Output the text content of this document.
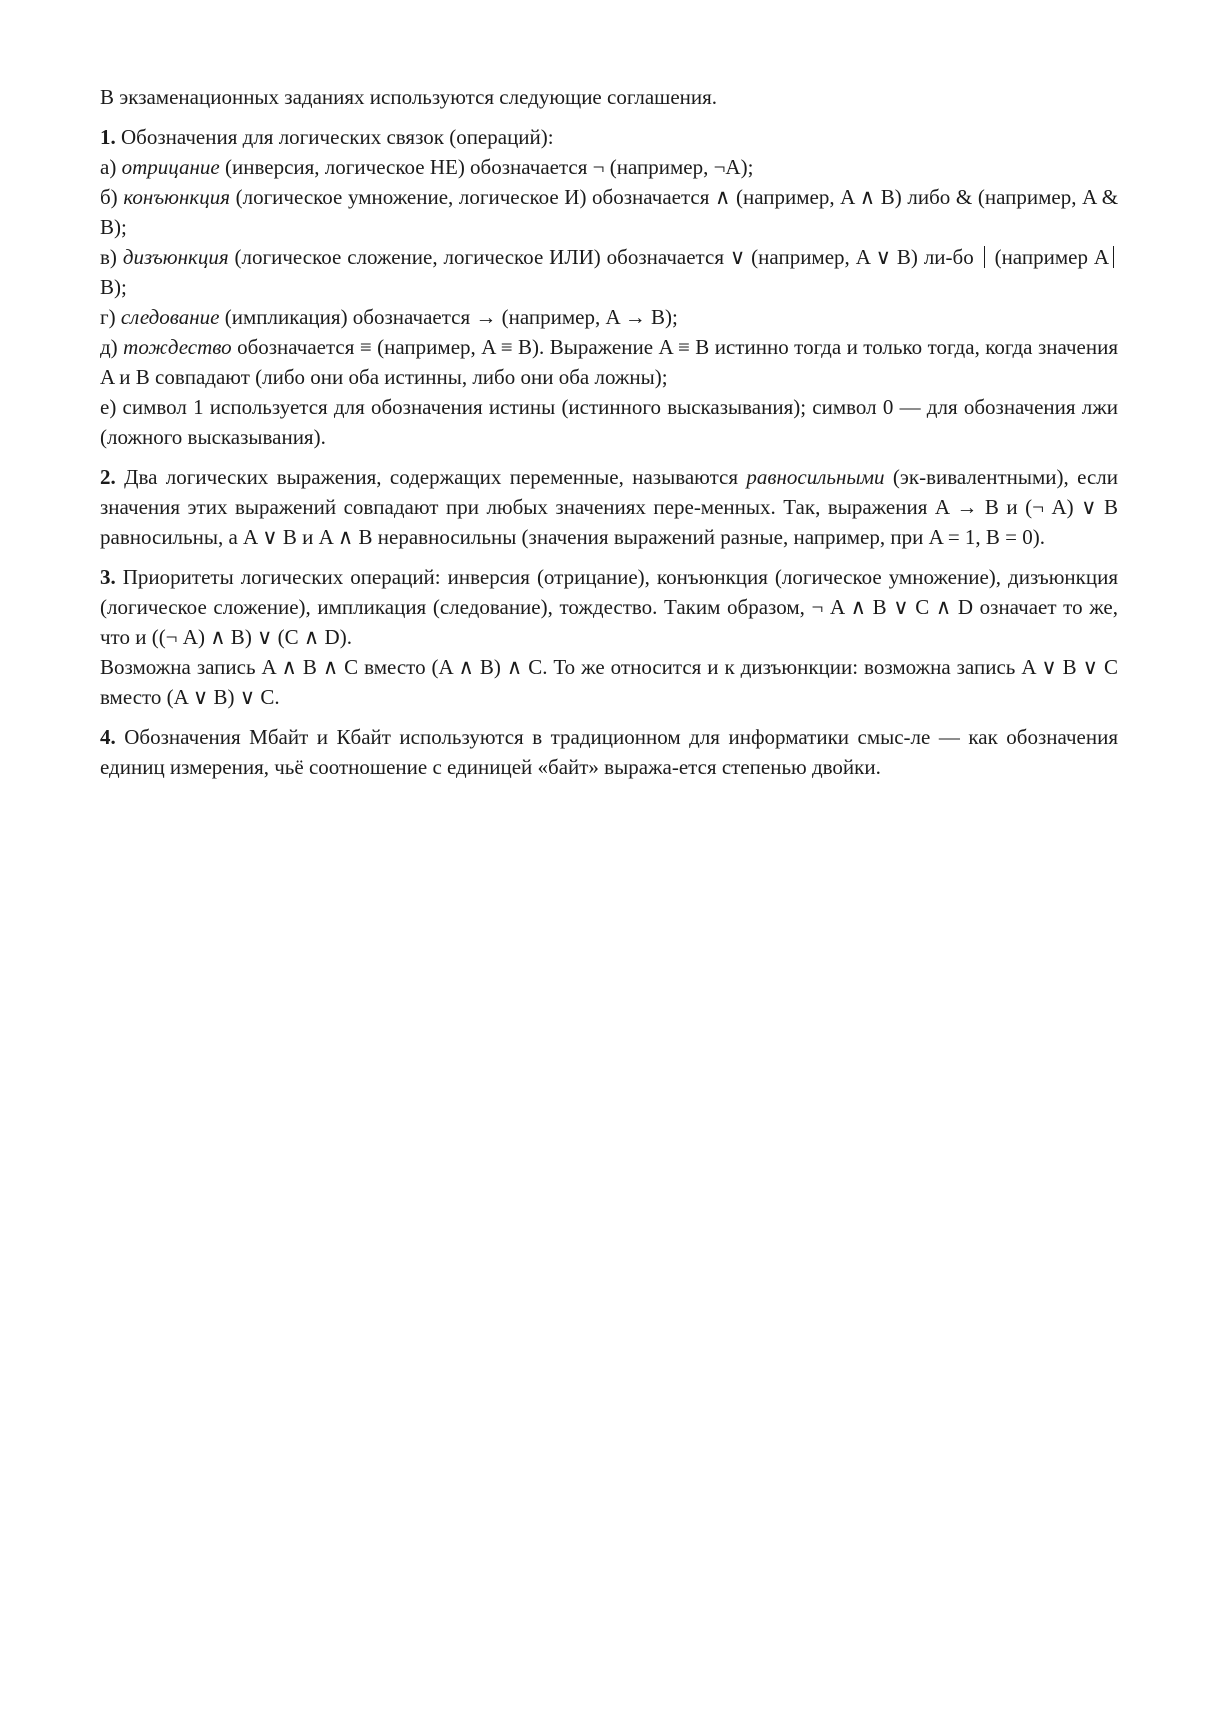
В экзаменационных заданиях используются следующие соглашения.

1. Обозначения для логических связок (операций):

а) отрицание (инверсия, логическое НЕ) обозначается ¬ (например, ¬A);

б) конъюнкция (логическое умножение, логическое И) обозначается ∧ (например, A ∧ B) либо & (например, A & B);

в) дизъюнкция (логическое сложение, логическое ИЛИ) обозначается ∨ (например, A ∨ B) ли-бо (например AB);

г) следование (импликация) обозначается → (например, A → B);

д) тождество обозначается ≡ (например, A ≡ B). Выражение A ≡ B истинно тогда и только тогда, когда значения A и B совпадают (либо они оба истинны, либо они оба ложны);

е) символ 1 используется для обозначения истины (истинного высказывания); символ 0 — для обозначения лжи (ложного высказывания).

2. Два логических выражения, содержащих переменные, называются равносильными (эк-вивалентными), если значения этих выражений совпадают при любых значениях пере-менных. Так, выражения A → B и (¬ A) ∨ B равносильны, а A ∨ B и A ∧ B неравносильны (значения выражений разные, например, при A = 1, B = 0).

3. Приоритеты логических операций: инверсия (отрицание), конъюнкция (логическое умножение), дизъюнкция (логическое сложение), импликация (следование), тождество. Таким образом, ¬ A ∧ B ∨ C ∧ D означает то же, что и ((¬ A) ∧ B) ∨ (C ∧ D).

Возможна запись A ∧ B ∧ C вместо (A ∧ B) ∧ C. То же относится и к дизъюнкции: возможна запись A ∨ B ∨ C вместо (A ∨ B) ∨ C.

4. Обозначения Мбайт и Кбайт используются в традиционном для информатики смыс-ле — как обозначения единиц измерения, чьё соотношение с единицей «байт» выража-ется степенью двойки.
